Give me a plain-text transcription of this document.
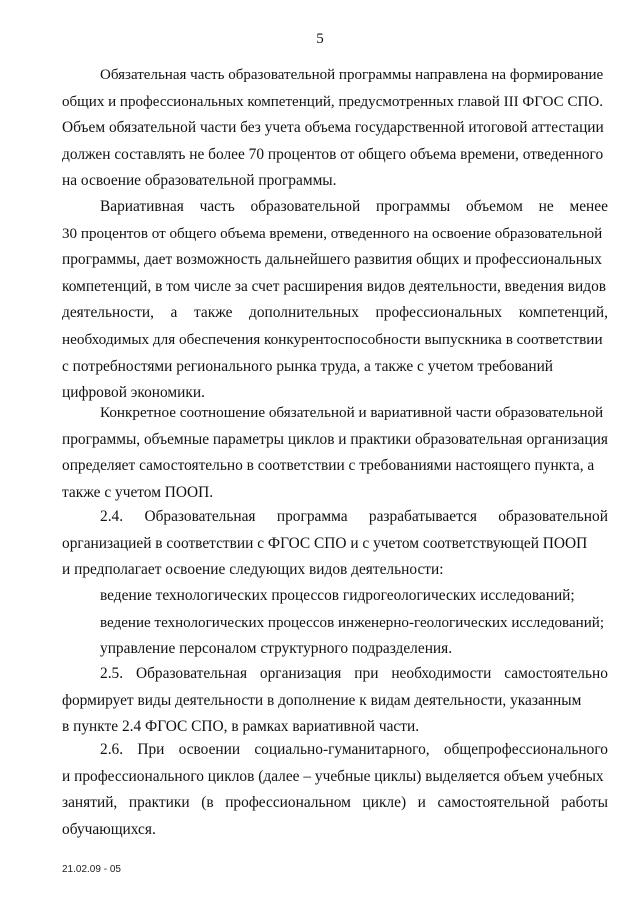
5
Обязательная часть образовательной программы направлена на формирование
общих и профессиональных компетенций, предусмотренных главой III ФГОС СПО.
Объем обязательной части без учета объема государственной итоговой аттестации
должен составлять не более 70 процентов от общего объема времени, отведенного
на освоение образовательной программы.
Вариативная часть образовательной программы объемом не менее
30 процентов от общего объема времени, отведенного на освоение образовательной
программы, дает возможность дальнейшего развития общих и профессиональных
компетенций, в том числе за счет расширения видов деятельности, введения видов
деятельности, а также дополнительных профессиональных компетенций,
необходимых для обеспечения конкурентоспособности выпускника в соответствии
с потребностями регионального рынка труда, а также с учетом требований
цифровой экономики.
Конкретное соотношение обязательной и вариативной части образовательной
программы, объемные параметры циклов и практики образовательная организация
определяет самостоятельно в соответствии с требованиями настоящего пункта, а
также с учетом ПООП.
2.4. Образовательная программа разрабатывается образовательной
организацией в соответствии с ФГОС СПО и с учетом соответствующей ПООП
и предполагает освоение следующих видов деятельности:
ведение технологических процессов гидрогеологических исследований;
ведение технологических процессов инженерно-геологических исследований;
управление персоналом структурного подразделения.
2.5. Образовательная организация при необходимости самостоятельно
формирует виды деятельности в дополнение к видам деятельности, указанным
в пункте 2.4 ФГОС СПО, в рамках вариативной части.
2.6. При освоении социально-гуманитарного, общепрофессионального
и профессионального циклов (далее – учебные циклы) выделяется объем учебных
занятий, практики (в профессиональном цикле) и самостоятельной работы
обучающихся.
21.02.09 - 05
